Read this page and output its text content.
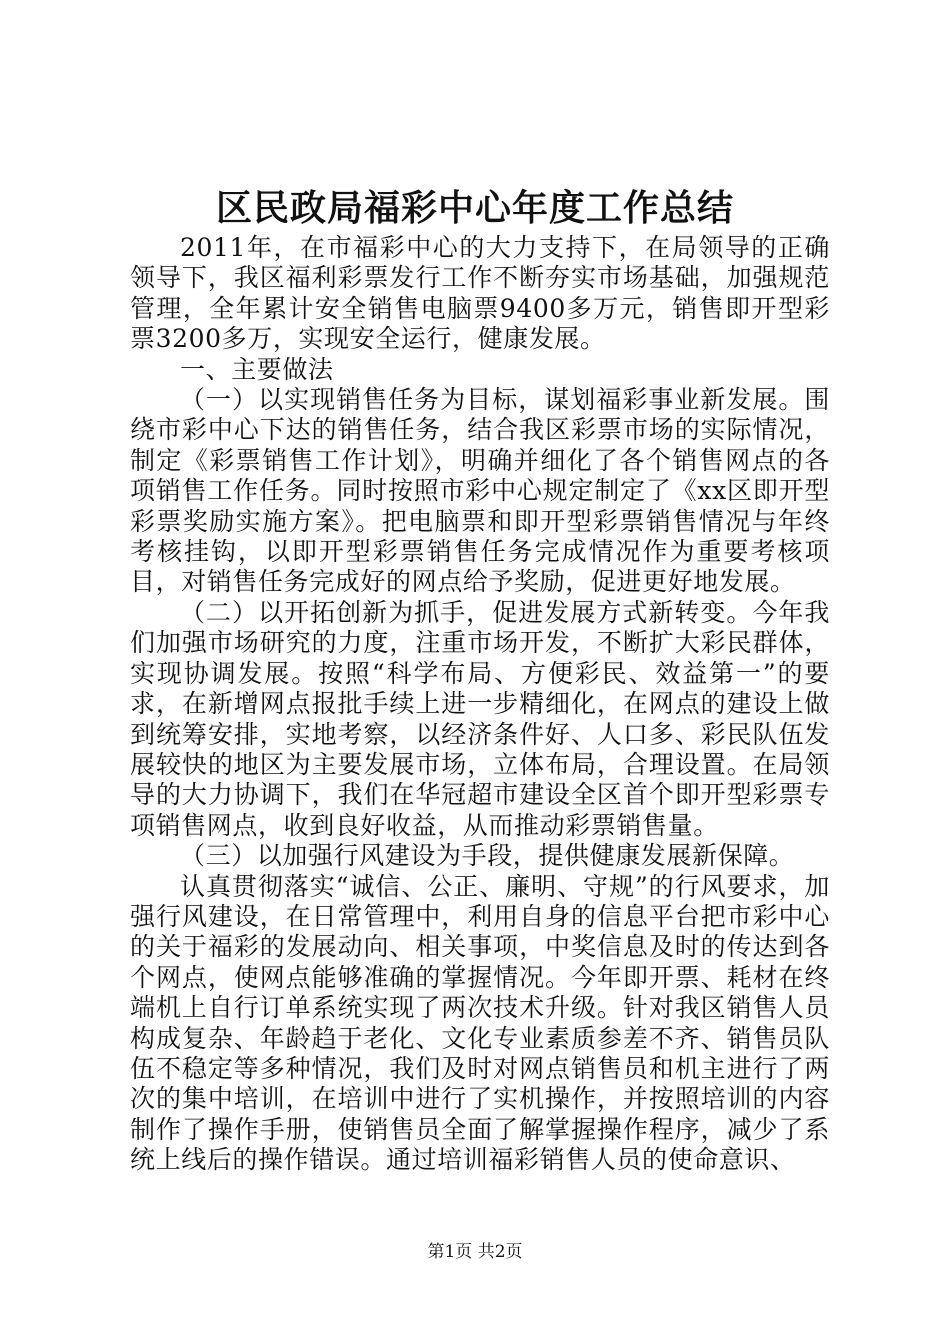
区民政局福彩中心年度工作总结

2011年，在市福彩中心的大力支持下，在局领导的正确领导下，我区福利彩票发行工作不断夯实市场基础，加强规范管理，全年累计安全销售电脑票9400多万元，销售即开型彩票3200多万，实现安全运行，健康发展。

一、主要做法

（一）以实现销售任务为目标，谋划福彩事业新发展。围绕市彩中心下达的销售任务，结合我区彩票市场的实际情况，制定《彩票销售工作计划》，明确并细化了各个销售网点的各项销售工作任务。同时按照市彩中心规定制定了《xx区即开型彩票奖励实施方案》。把电脑票和即开型彩票销售情况与年终考核挂钩，以即开型彩票销售任务完成情况作为重要考核项目，对销售任务完成好的网点给予奖励，促进更好地发展。

（二）以开拓创新为抓手，促进发展方式新转变。今年我们加强市场研究的力度，注重市场开发，不断扩大彩民群体，实现协调发展。按照“科学布局、方便彩民、效益第一”的要求，在新增网点报批手续上进一步精细化，在网点的建设上做到统筹安排，实地考察，以经济条件好、人口多、彩民队伍发展较快的地区为主要发展市场，立体布局，合理设置。在局领导的大力协调下，我们在华冠超市建设全区首个即开型彩票专项销售网点，收到良好收益，从而推动彩票销售量。

（三）以加强行风建设为手段，提供健康发展新保障。

认真贯彻落实“诚信、公正、廉明、守规”的行风要求，加强行风建设，在日常管理中，利用自身的信息平台把市彩中心的关于福彩的发展动向、相关事项，中奖信息及时的传达到各个网点，使网点能够准确的掌握情况。今年即开票、耗材在终端机上自行订单系统实现了两次技术升级。针对我区销售人员构成复杂、年龄趋于老化、文化专业素质参差不齐、销售员队伍不稳定等多种情况，我们及时对网点销售员和机主进行了两次的集中培训，在培训中进行了实机操作，并按照培训的内容制作了操作手册，使销售员全面了解掌握操作程序，减少了系统上线后的操作错误。通过培训福彩销售人员的使命意识、

第1页 共2页
